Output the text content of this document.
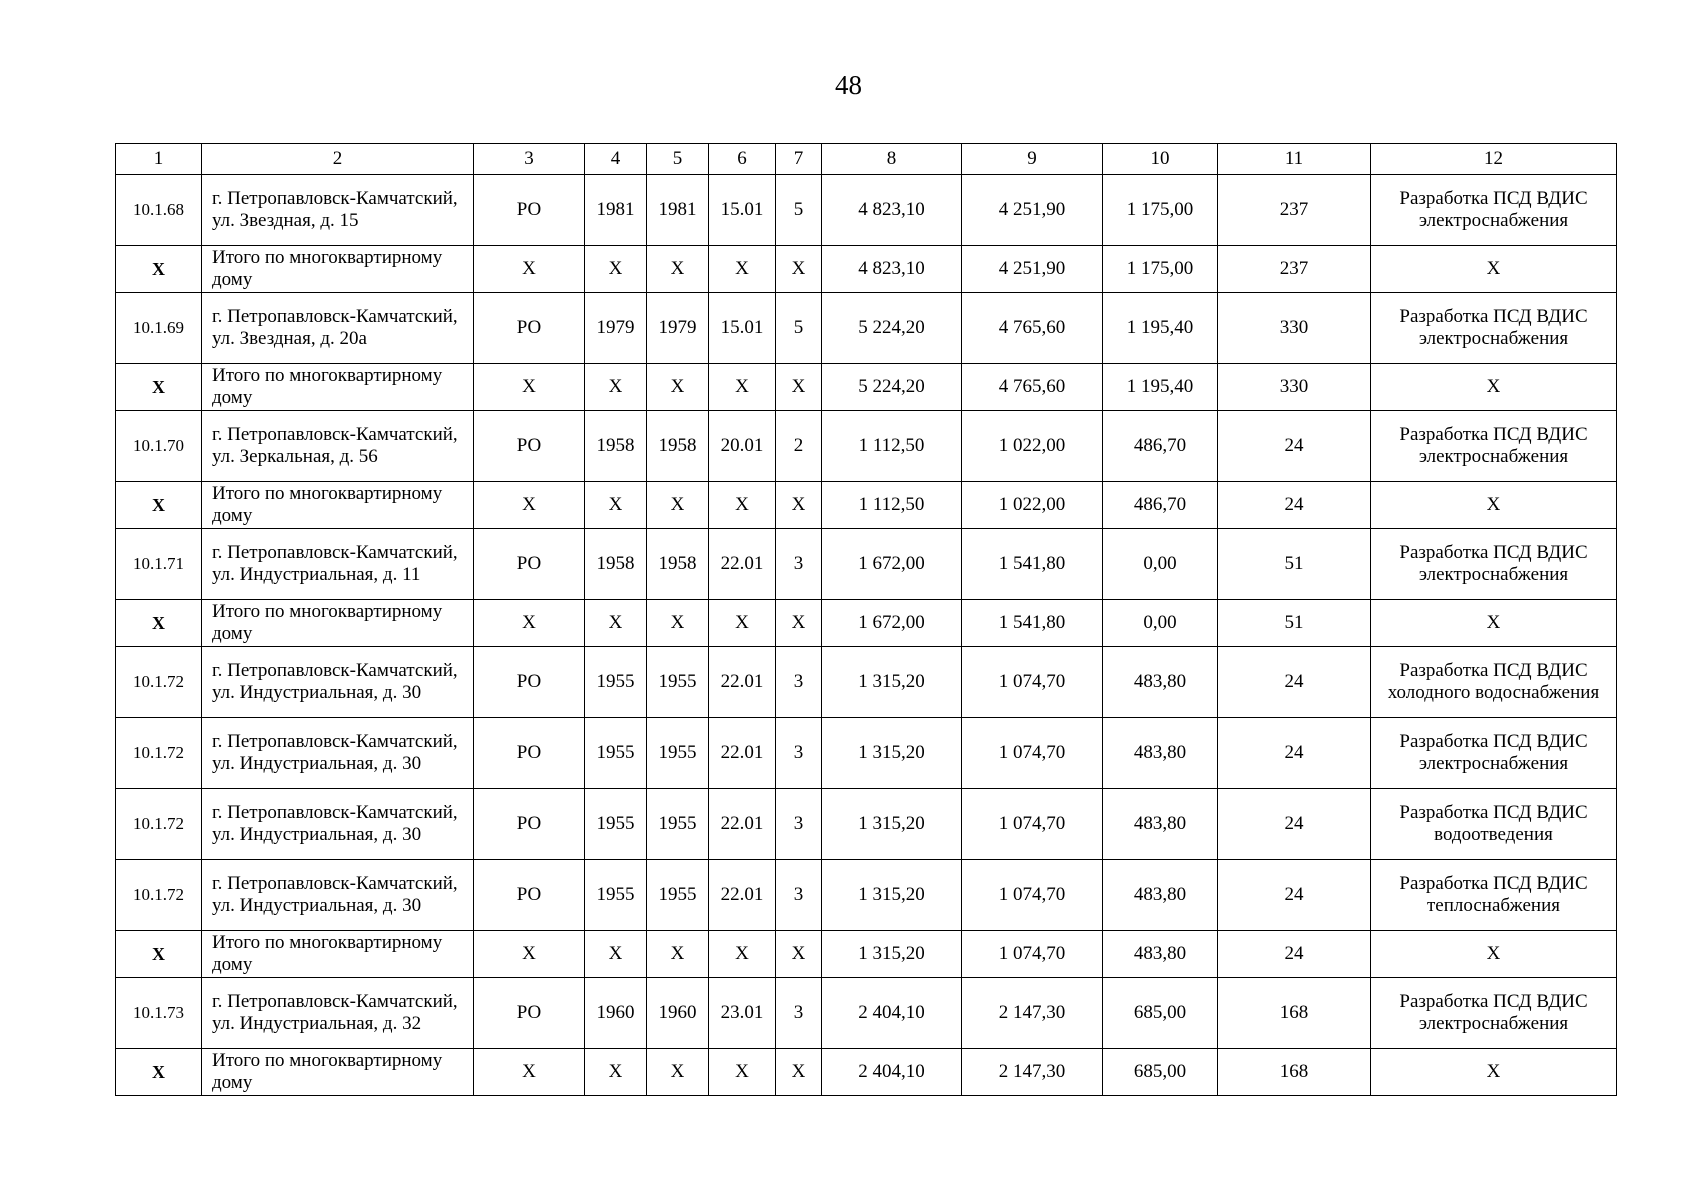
48
1	2	3	4	5	6	7	8	9	10	11	12
10.1.68	г. Петропавловск-Камчатский, ул. Звездная, д. 15	РО	1981	1981	15.01	5	4 823,10	4 251,90	1 175,00	237	Разработка ПСД ВДИС электроснабжения
Х	Итого по многоквартирному дому	Х	Х	Х	Х	Х	4 823,10	4 251,90	1 175,00	237	Х
10.1.69	г. Петропавловск-Камчатский, ул. Звездная, д. 20а	РО	1979	1979	15.01	5	5 224,20	4 765,60	1 195,40	330	Разработка ПСД ВДИС электроснабжения
Х	Итого по многоквартирному дому	Х	Х	Х	Х	Х	5 224,20	4 765,60	1 195,40	330	Х
10.1.70	г. Петропавловск-Камчатский, ул. Зеркальная, д. 56	РО	1958	1958	20.01	2	1 112,50	1 022,00	486,70	24	Разработка ПСД ВДИС электроснабжения
Х	Итого по многоквартирному дому	Х	Х	Х	Х	Х	1 112,50	1 022,00	486,70	24	Х
10.1.71	г. Петропавловск-Камчатский, ул. Индустриальная, д. 11	РО	1958	1958	22.01	3	1 672,00	1 541,80	0,00	51	Разработка ПСД ВДИС электроснабжения
Х	Итого по многоквартирному дому	Х	Х	Х	Х	Х	1 672,00	1 541,80	0,00	51	Х
10.1.72	г. Петропавловск-Камчатский, ул. Индустриальная, д. 30	РО	1955	1955	22.01	3	1 315,20	1 074,70	483,80	24	Разработка ПСД ВДИС холодного водоснабжения
10.1.72	г. Петропавловск-Камчатский, ул. Индустриальная, д. 30	РО	1955	1955	22.01	3	1 315,20	1 074,70	483,80	24	Разработка ПСД ВДИС электроснабжения
10.1.72	г. Петропавловск-Камчатский, ул. Индустриальная, д. 30	РО	1955	1955	22.01	3	1 315,20	1 074,70	483,80	24	Разработка ПСД ВДИС водоотведения
10.1.72	г. Петропавловск-Камчатский, ул. Индустриальная, д. 30	РО	1955	1955	22.01	3	1 315,20	1 074,70	483,80	24	Разработка ПСД ВДИС теплоснабжения
Х	Итого по многоквартирному дому	Х	Х	Х	Х	Х	1 315,20	1 074,70	483,80	24	Х
10.1.73	г. Петропавловск-Камчатский, ул. Индустриальная, д. 32	РО	1960	1960	23.01	3	2 404,10	2 147,30	685,00	168	Разработка ПСД ВДИС электроснабжения
Х	Итого по многоквартирному дому	Х	Х	Х	Х	Х	2 404,10	2 147,30	685,00	168	Х
